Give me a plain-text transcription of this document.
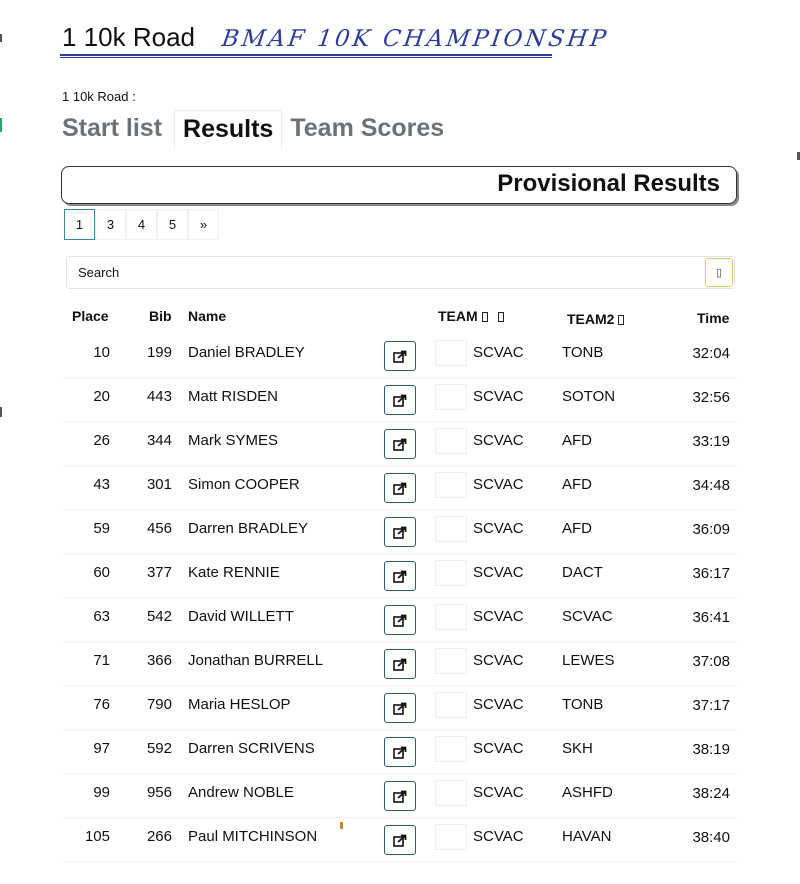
1 10k Road BMAF 10K CHAMPIONSHP
1 10k Road :
Start list Results Team Scores
Provisional Results
1	3	4	5	»
Search
▯
Place	Bib Name	TEAM	TEAM2	Time
10	199 Daniel BRADLEY	SCVAC	TONB	32:04
20	443 Matt RISDEN	SCVAC	SOTON	32:56
26	344 Mark SYMES	SCVAC	AFD	33:19
43	301 Simon COOPER	SCVAC	AFD	34:48
59	456 Darren BRADLEY	SCVAC	AFD	36:09
60	377 Kate RENNIE	SCVAC	DACT	36:17
63	542 David WILLETT	SCVAC	SCVAC	36:41
71	366 Jonathan BURRELL	SCVAC	LEWES	37:08
76	790 Maria HESLOP	SCVAC	TONB	37:17
97	592 Darren SCRIVENS	SCVAC	SKH	38:19
99	956 Andrew NOBLE	SCVAC	ASHFD	38:24
105	266 Paul MITCHINSON	SCVAC	HAVAN	38:40
